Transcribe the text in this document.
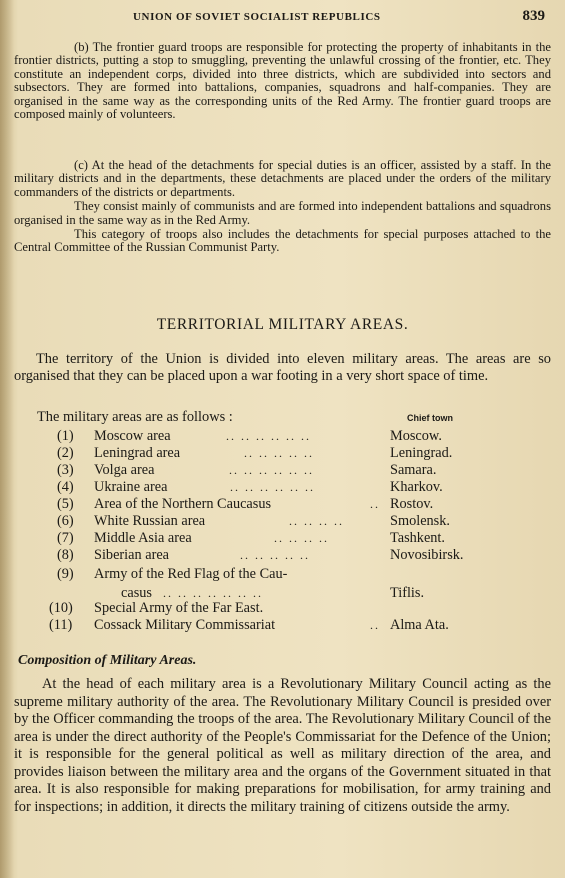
UNION OF SOVIET SOCIALIST REPUBLICS	839

(b) The frontier guard troops are responsible for protecting the property of inhabitants in the frontier districts, putting a stop to smuggling, preventing the unlawful crossing of the frontier, etc. They constitute an independent corps, divided into three districts, which are subdivided into sectors and subsectors. They are formed into battalions, companies, squadrons and half-companies. They are organised in the same way as the corresponding units of the Red Army. The frontier guard troops are composed mainly of volunteers.

(c) At the head of the detachments for special duties is an officer, assisted by a staff. In the military districts and in the departments, these detachments are placed under the orders of the military commanders of the districts or departments.

They consist mainly of communists and are formed into independent battalions and squadrons organised in the same way as in the Red Army.

This category of troops also includes the detachments for special purposes attached to the Central Committee of the Russian Communist Party.

TERRITORIAL MILITARY AREAS.

The territory of the Union is divided into eleven military areas. The areas are so organised that they can be placed upon a war footing in a very short space of time.

The military areas are as follows :	Chief town
(1)	Moscow area	.. .. .. .. .. ..	Moscow.
(2)	Leningrad area	.. .. .. .. ..	Leningrad.
(3)	Volga area	.. .. .. .. .. ..	Samara.
(4)	Ukraine area	.. .. .. .. .. ..	Kharkov.
(5)	Area of the Northern Caucasus	.. Rostov.
(6)	White Russian area	.. .. .. ..	Smolensk.
(7)	Middle Asia area	.. .. .. ..	Tashkent.
(8)	Siberian area	.. .. .. .. ..	Novosibirsk.
(9)	Army of the Red Flag of the Cau-
casus .. .. .. .. .. .. ..	Tiflis.
(10)	Special Army of the Far East.
(11)	Cossack Military Commissariat	.. Alma Ata.
Composition of Military Areas.

At the head of each military area is a Revolutionary Military Council acting as the supreme military authority of the area. The Revolutionary Military Council is presided over by the Officer commanding the troops of the area. The Revolutionary Military Council of the area is under the direct authority of the People's Commissariat for the Defence of the Union; it is responsible for the general political as well as military direction of the area, and provides liaison between the military area and the organs of the Government situated in that area. It is also responsible for making preparations for mobilisation, for army training and for inspections; in addition, it directs the military training of citizens outside the army.
